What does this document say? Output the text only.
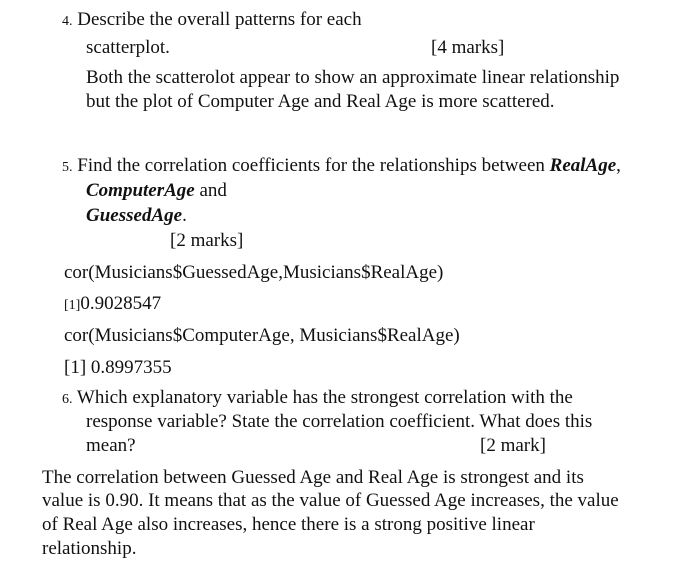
4. Describe the overall patterns for each
scatterplot.	[4 marks]
Both the scatterolot appear to show an approximate linear relationship
but the plot of Computer Age and Real Age is more scattered.
5. Find the correlation coefficients for the relationships between RealAge,
ComputerAge and
GuessedAge.
[2 marks]
cor(Musicians$GuessedAge,Musicians$RealAge)
[1]0.9028547
cor(Musicians$ComputerAge, Musicians$RealAge)
[1] 0.8997355
6. Which explanatory variable has the strongest correlation with the
response variable? State the correlation coefficient. What does this
mean?	[2 mark]
The correlation between Guessed Age and Real Age is strongest and its
value is 0.90. It means that as the value of Guessed Age increases, the value
of Real Age also increases, hence there is a strong positive linear
relationship.
